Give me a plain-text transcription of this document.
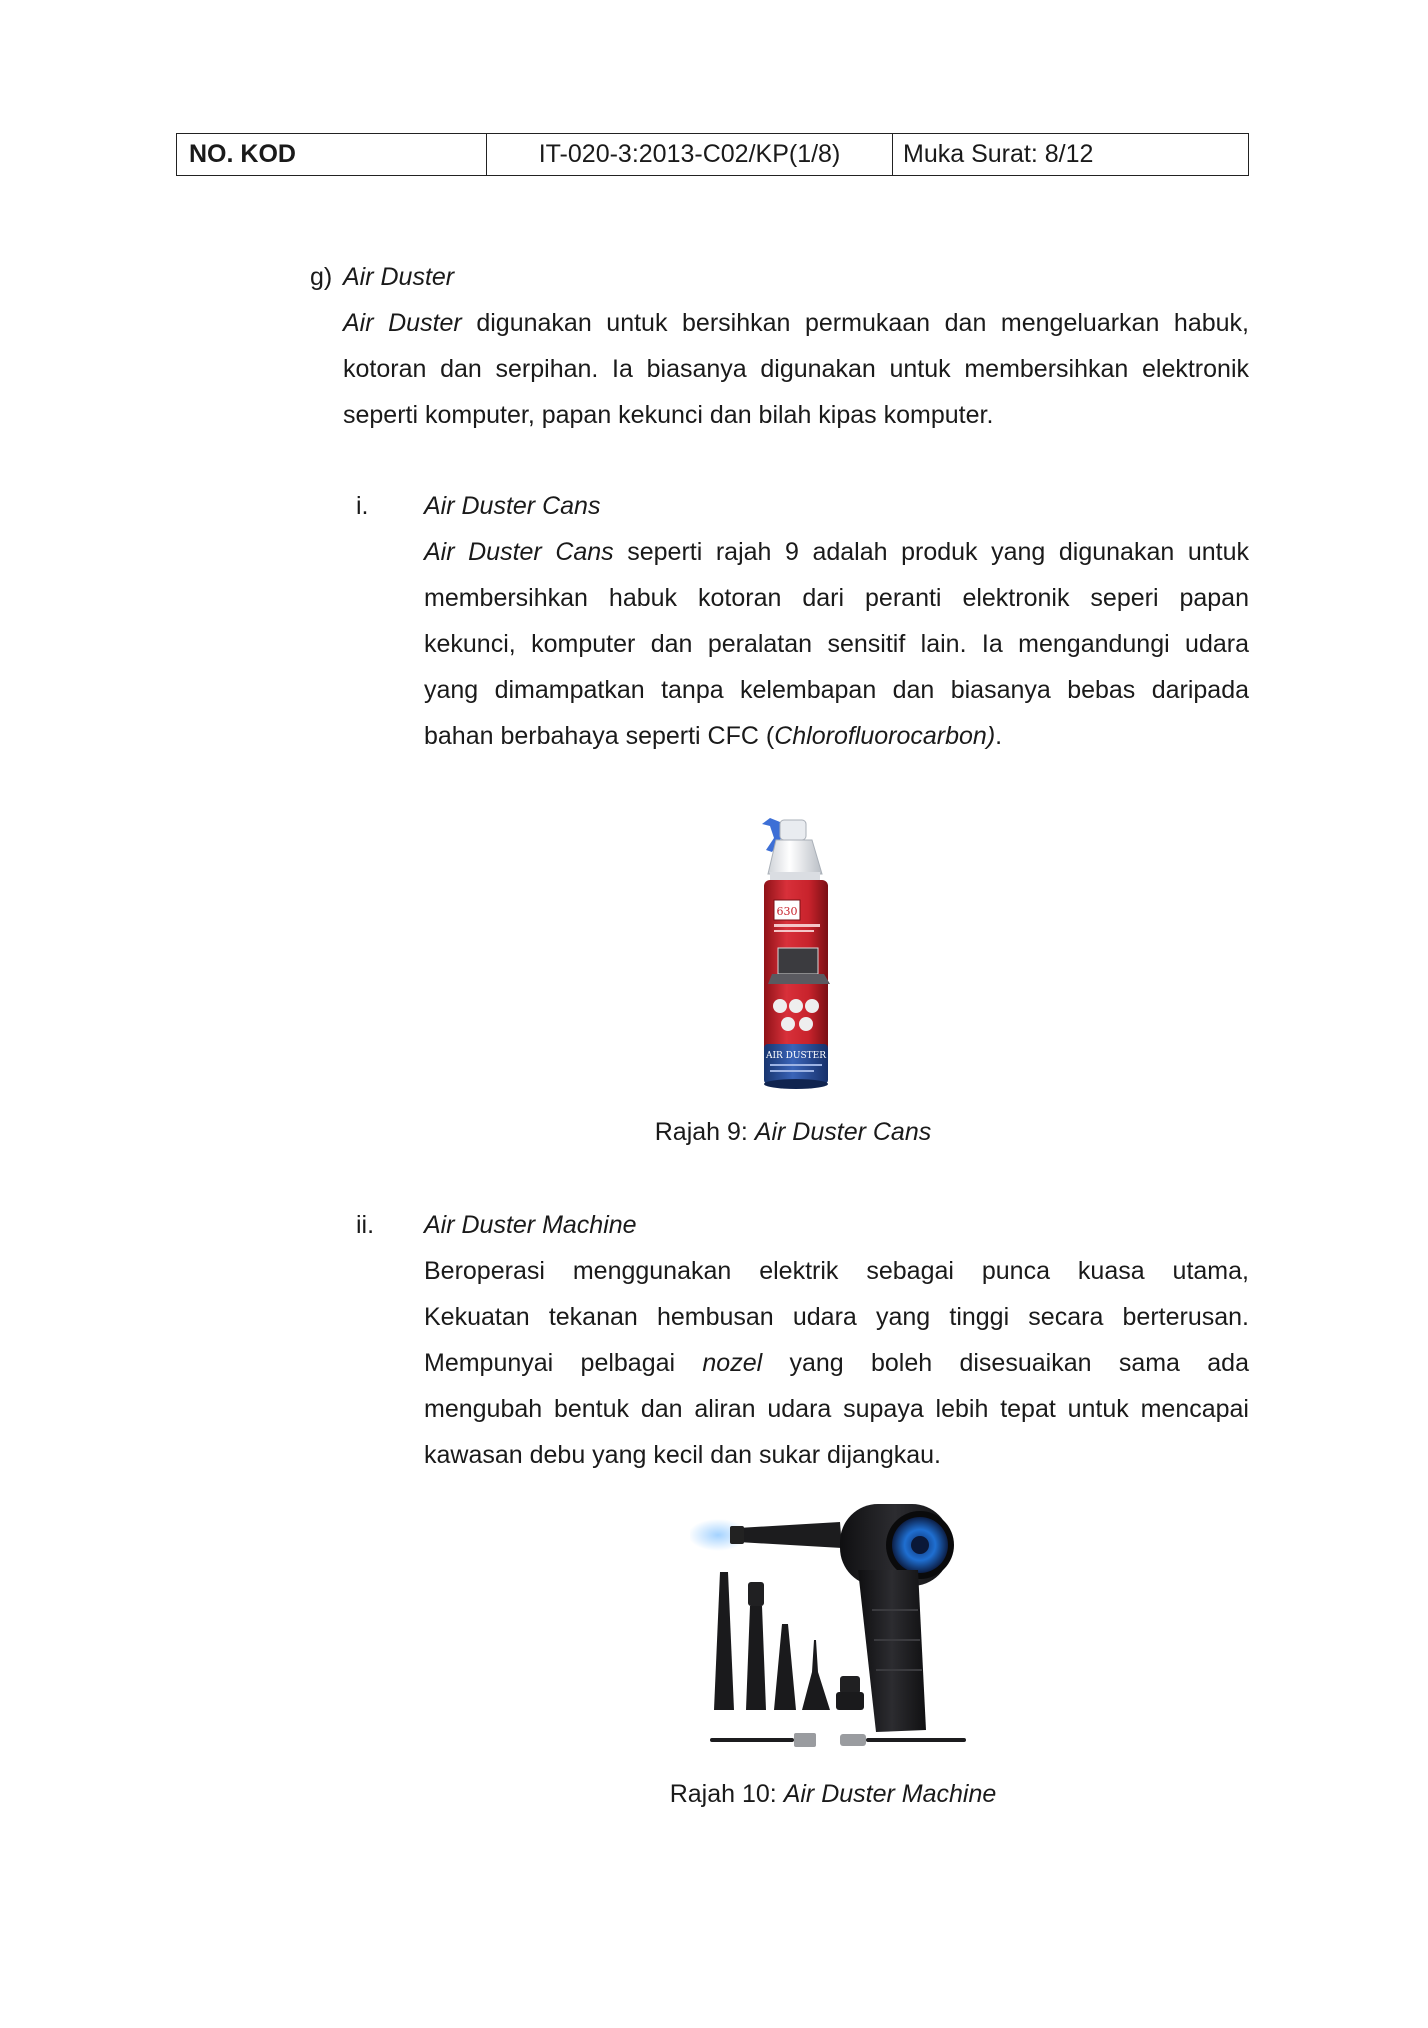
NO. KOD	IT-020-3:2013-C02/KP(1/8)	Muka Surat : 8/12
g) Air Duster
Air Duster digunakan untuk bersihkan permukaan dan mengeluarkan habuk,
kotoran dan serpihan. Ia biasanya digunakan untuk membersihkan elektronik
seperti komputer, papan kekunci dan bilah kipas komputer.
i. Air Duster Cans
Air Duster Cans seperti rajah 9 adalah produk yang digunakan untuk
membersihkan habuk kotoran dari peranti elektronik seperi papan
kekunci, komputer dan peralatan sensitif lain. Ia mengandungi udara
yang dimampatkan tanpa kelembapan dan biasanya bebas daripada
bahan berbahaya seperti CFC (Chlorofluorocarbon).
630
AIR DUSTER
Rajah 9: Air Duster Cans
ii. Air Duster Machine
Beroperasi menggunakan elektrik sebagai punca kuasa utama,
Kekuatan tekanan hembusan udara yang tinggi secara berterusan.
Mempunyai pelbagai nozel yang boleh disesuaikan sama ada
mengubah bentuk dan aliran udara supaya lebih tepat untuk mencapai
kawasan debu yang kecil dan sukar dijangkau.
Rajah 10: Air Duster Machine
